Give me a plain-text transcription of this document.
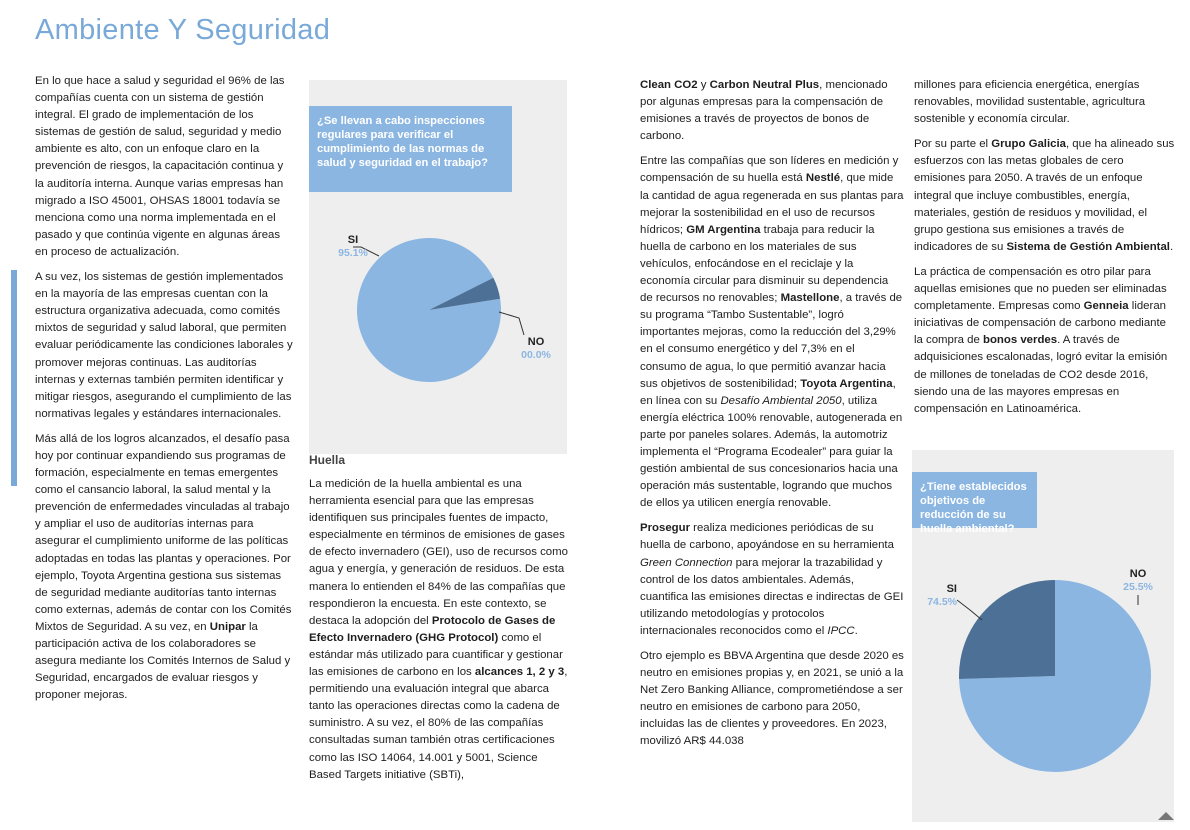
Ambiente Y Seguridad

En lo que hace a salud y seguridad el 96% de las compañías cuenta con un sistema de gestión integral. El grado de implementación de los sistemas de gestión de salud, seguridad y medio ambiente es alto, con un enfoque claro en la prevención de riesgos, la capacitación continua y la auditoría interna. Aunque varias empresas han migrado a ISO 45001, OHSAS 18001 todavía se menciona como una norma implementada en el pasado y que continúa vigente en algunas áreas en proceso de actualización.

A su vez, los sistemas de gestión implementados en la mayoría de las empresas cuentan con la estructura organizativa adecuada, como comités mixtos de seguridad y salud laboral, que permiten evaluar periódicamente las condiciones laborales y promover mejoras continuas. Las auditorías internas y externas también permiten identificar y mitigar riesgos, asegurando el cumplimiento de las normativas legales y estándares internacionales.

Más allá de los logros alcanzados, el desafío pasa hoy por continuar expandiendo sus programas de formación, especialmente en temas emergentes como el cansancio laboral, la salud mental y la prevención de enfermedades vinculadas al trabajo y ampliar el uso de auditorías internas para asegurar el cumplimiento uniforme de las políticas adoptadas en todas las plantas y operaciones. Por ejemplo, Toyota Argentina gestiona sus sistemas de seguridad mediante auditorías tanto internas como externas, además de contar con los Comités Mixtos de Seguridad. A su vez, en Unipar la participación activa de los colaboradores se asegura mediante los Comités Internos de Salud y Seguridad, encargados de evaluar riesgos y proponer mejoras.

¿Se llevan a cabo inspecciones regulares para verificar el cumplimiento de las normas de salud y seguridad en el trabajo?
SI
95.1%
NO
00.0%
Huella

La medición de la huella ambiental es una herramienta esencial para que las empresas identifiquen sus principales fuentes de impacto, especialmente en términos de emisiones de gases de efecto invernadero (GEI), uso de recursos como agua y energía, y generación de residuos. De esta manera lo entienden el 84% de las compañías que respondieron la encuesta. En este contexto, se destaca la adopción del Protocolo de Gases de Efecto Invernadero (GHG Protocol) como el estándar más utilizado para cuantificar y gestionar las emisiones de carbono en los alcances 1, 2 y 3, permitiendo una evaluación integral que abarca tanto las operaciones directas como la cadena de suministro. A su vez, el 80% de las compañías consultadas suman también otras certificaciones como las ISO 14064, 14.001 y 5001, Science Based Targets initiative (SBTi),

Clean CO2 y Carbon Neutral Plus, mencionado por algunas empresas para la compensación de emisiones a través de proyectos de bonos de carbono.

Entre las compañías que son líderes en medición y compensación de su huella está Nestlé, que mide la cantidad de agua regenerada en sus plantas para mejorar la sostenibilidad en el uso de recursos hídricos; GM Argentina trabaja para reducir la huella de carbono en los materiales de sus vehículos, enfocándose en el reciclaje y la economía circular para disminuir su dependencia de recursos no renovables; Mastellone, a través de su programa “Tambo Sustentable”, logró importantes mejoras, como la reducción del 3,29% en el consumo energético y del 7,3% en el consumo de agua, lo que permitió avanzar hacia sus objetivos de sostenibilidad; Toyota Argentina, en línea con su Desafío Ambiental 2050, utiliza energía eléctrica 100% renovable, autogenerada en parte por paneles solares. Además, la automotriz implementa el “Programa Ecodealer” para guiar la gestión ambiental de sus concesionarios hacia una operación más sustentable, logrando que muchos de ellos ya utilicen energía renovable.

Prosegur realiza mediciones periódicas de su huella de carbono, apoyándose en su herramienta Green Connection para mejorar la trazabilidad y control de los datos ambientales. Además, cuantifica las emisiones directas e indirectas de GEI utilizando metodologías y protocolos internacionales reconocidos como el IPCC.

Otro ejemplo es BBVA Argentina que desde 2020 es neutro en emisiones propias y, en 2021, se unió a la Net Zero Banking Alliance, comprometiéndose a ser neutro en emisiones de carbono para 2050, incluidas las de clientes y proveedores. En 2023, movilizó AR$ 44.038

millones para eficiencia energética, energías renovables, movilidad sustentable, agricultura sostenible y economía circular.

Por su parte el Grupo Galicia, que ha alineado sus esfuerzos con las metas globales de cero emisiones para 2050. A través de un enfoque integral que incluye combustibles, energía, materiales, gestión de residuos y movilidad, el grupo gestiona sus emisiones a través de indicadores de su Sistema de Gestión Ambiental.

La práctica de compensación es otro pilar para aquellas emisiones que no pueden ser eliminadas completamente. Empresas como Genneia lideran iniciativas de compensación de carbono mediante la compra de bonos verdes. A través de adquisiciones escalonadas, logró evitar la emisión de millones de toneladas de CO2 desde 2016, siendo una de las mayores empresas en compensación en Latinoamérica.

¿Tiene establecidos objetivos de reducción de su huella ambiental?
SI
74.5%
NO
25.5%
